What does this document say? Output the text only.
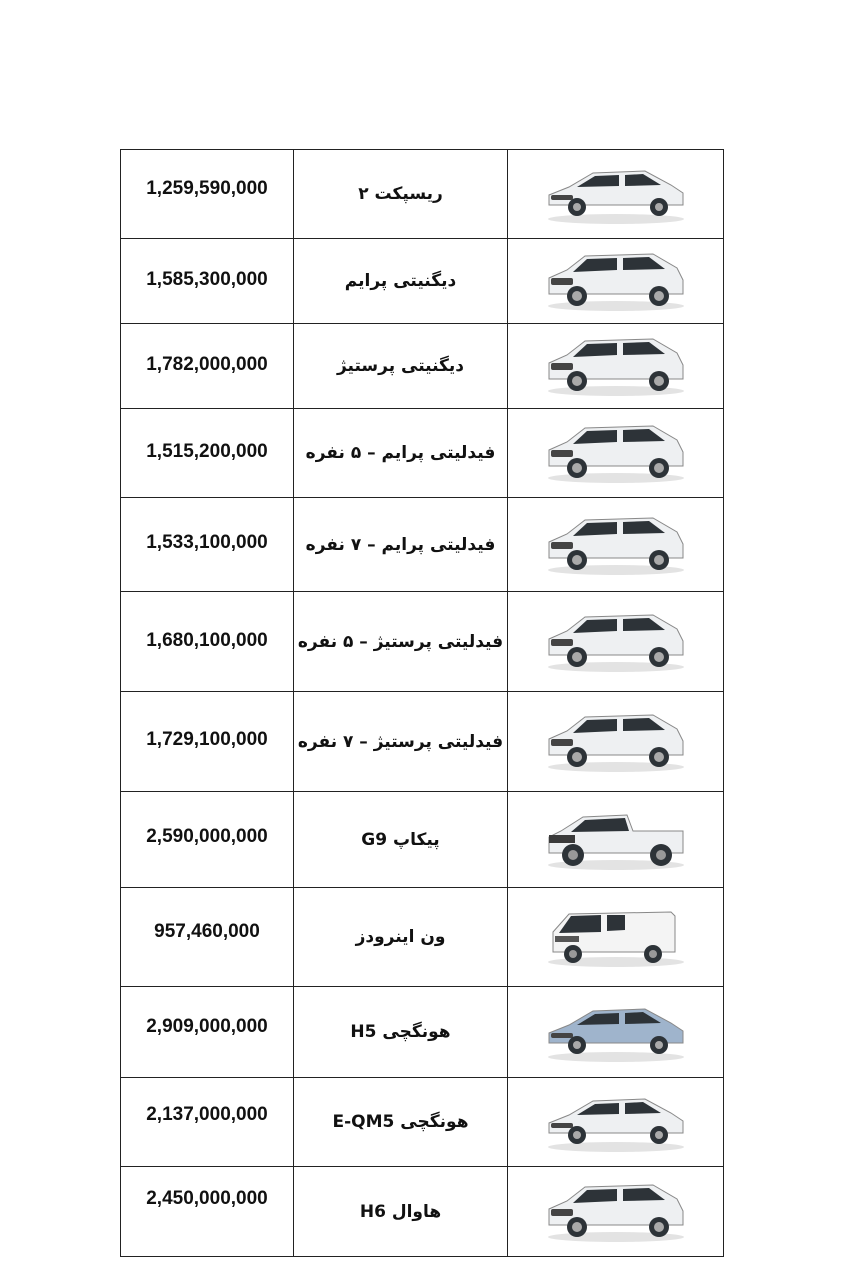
1,259,590,000	ریسپکت ۲	

1,585,300,000	دیگنیتی پرایم	

1,782,000,000	دیگنیتی پرستیژ	

1,515,200,000	فیدلیتی پرایم – ۵ نفره	

1,533,100,000	فیدلیتی پرایم – ۷ نفره	

1,680,100,000	فیدلیتی پرستیژ – ۵ نفره	

1,729,100,000	فیدلیتی پرستیژ – ۷ نفره	

2,590,000,000	پیکاپ G9	

957,460,000	ون اینرودز	

2,909,000,000	هونگچی H5	

2,137,000,000	هونگچی E-QM5	

2,450,000,000	هاوال H6	
